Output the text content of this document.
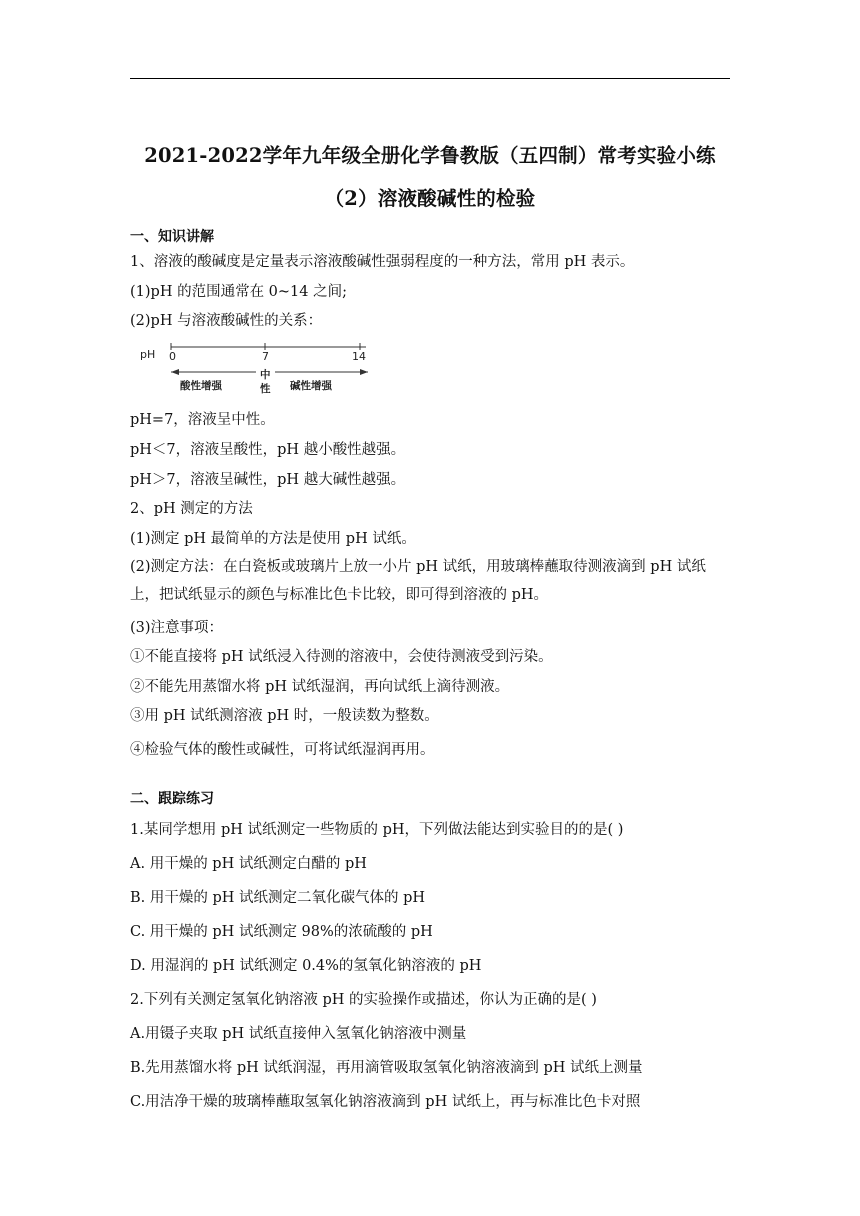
2021-2022学年九年级全册化学鲁教版（五四制）常考实验小练
（2）溶液酸碱性的检验
一、知识讲解
1、溶液的酸碱度是定量表示溶液酸碱性强弱程度的一种方法，常用 pH 表示。
(1)pH 的范围通常在 0~14 之间;
(2)pH 与溶液酸碱性的关系：
pH 0	7	14
酸性增强
中
性 碱性增强
pH=7，溶液呈中性。
pH＜7，溶液呈酸性，pH 越小酸性越强。
pH＞7，溶液呈碱性，pH 越大碱性越强。
2、pH 测定的方法
(1)测定 pH 最简单的方法是使用 pH 试纸。
(2)测定方法：在白瓷板或玻璃片上放一小片 pH 试纸，用玻璃棒蘸取待测液滴到 pH 试纸上，把试纸显示的颜色与标准比色卡比较，即可得到溶液的 pH。
(3)注意事项：
①不能直接将 pH 试纸浸入待测的溶液中，会使待测液受到污染。
②不能先用蒸馏水将 pH 试纸湿润，再向试纸上滴待测液。
③用 pH 试纸测溶液 pH 时，一般读数为整数。
④检验气体的酸性或碱性，可将试纸湿润再用。
二、跟踪练习
1.某同学想用 pH 试纸测定一些物质的 pH，下列做法能达到实验目的的是( )
A. 用干燥的 pH 试纸测定白醋的 pH
B. 用干燥的 pH 试纸测定二氧化碳气体的 pH
C. 用干燥的 pH 试纸测定 98%的浓硫酸的 pH
D. 用湿润的 pH 试纸测定 0.4%的氢氧化钠溶液的 pH
2.下列有关测定氢氧化钠溶液 pH 的实验操作或描述，你认为正确的是( )
A.用镊子夹取 pH 试纸直接伸入氢氧化钠溶液中测量
B.先用蒸馏水将 pH 试纸润湿，再用滴管吸取氢氧化钠溶液滴到 pH 试纸上测量
C.用洁净干燥的玻璃棒蘸取氢氧化钠溶液滴到 pH 试纸上，再与标准比色卡对照
